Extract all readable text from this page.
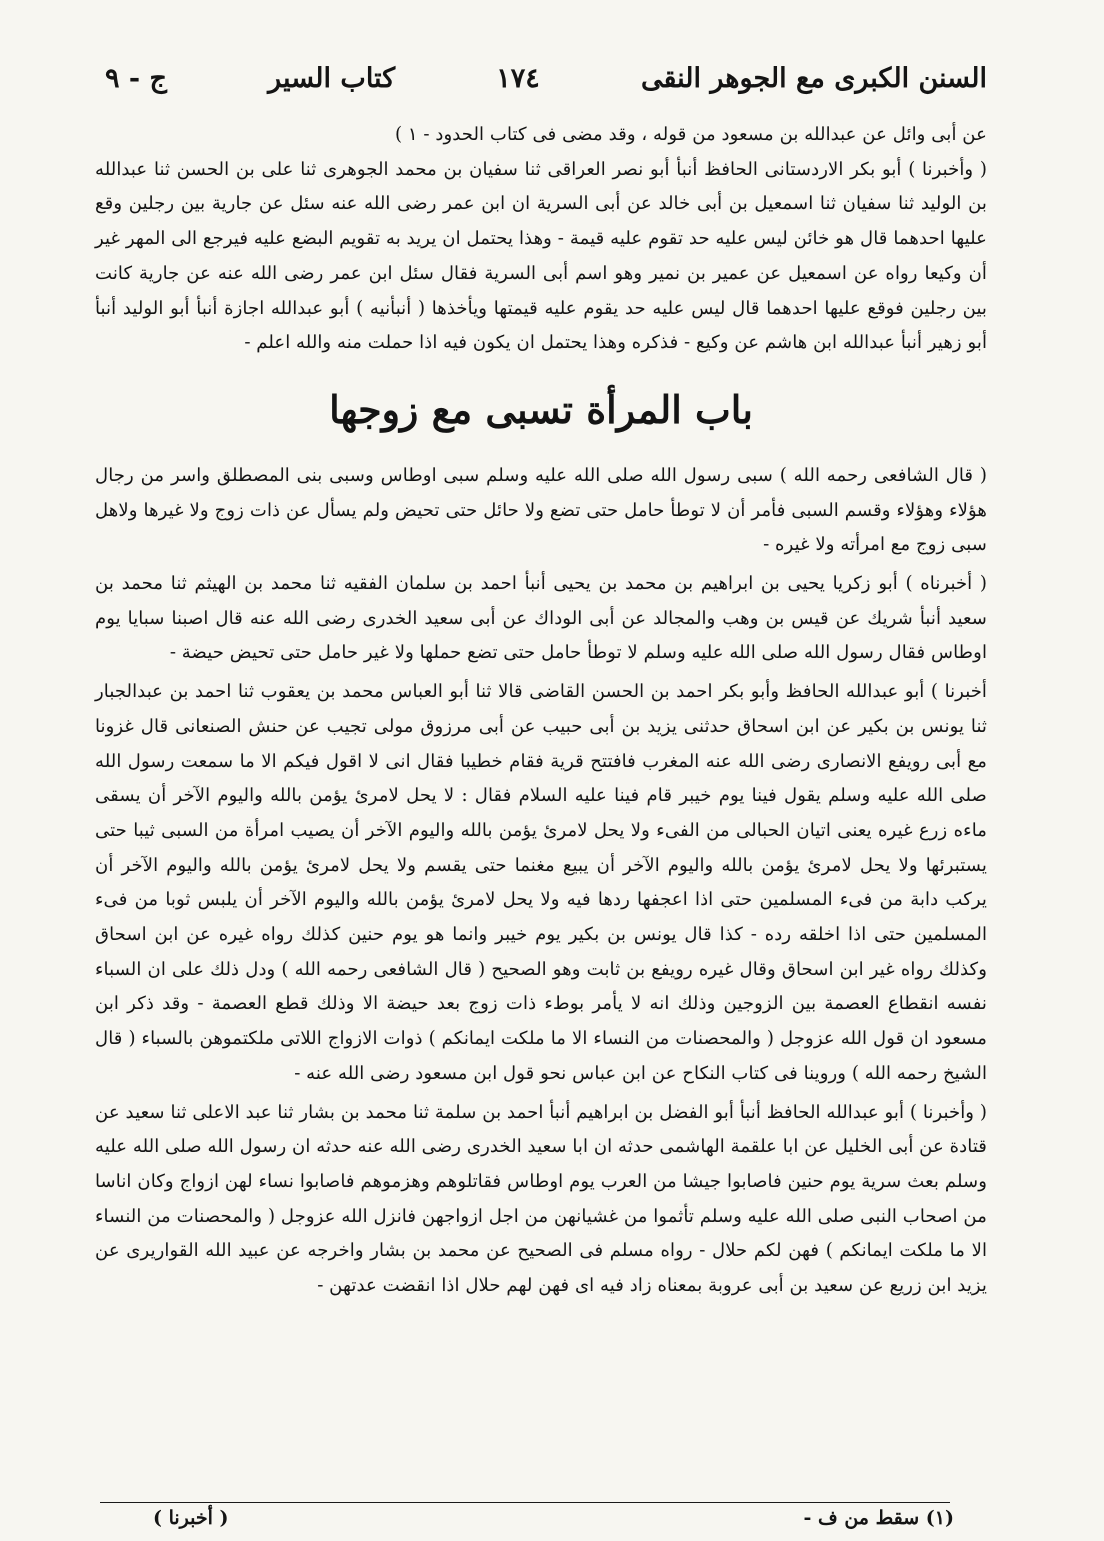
السنن الكبرى مع الجوهر النقى
١٧٤
كتاب السير
ج - ٩

عن أبى وائل عن عبدالله بن مسعود من قوله ، وقد مضى فى كتاب الحدود - ١ )

( وأخبرنا ) أبو بكر الاردستانى الحافظ أنبأ أبو نصر العراقى ثنا سفيان بن محمد الجوهرى ثنا على بن الحسن ثنا عبدالله بن الوليد ثنا سفيان ثنا اسمعيل بن أبى خالد عن أبى السرية ان ابن عمر رضى الله عنه سئل عن جارية بين رجلين وقع عليها احدهما قال هو خائن ليس عليه حد تقوم عليه قيمة - وهذا يحتمل ان يريد به تقويم البضع عليه فيرجع الى المهر غير أن وكيعا رواه عن اسمعيل عن عمير بن نمير وهو اسم أبى السرية فقال سئل ابن عمر رضى الله عنه عن جارية كانت بين رجلين فوقع عليها احدهما قال ليس عليه حد يقوم عليه قيمتها ويأخذها ( أنبأنيه ) أبو عبدالله اجازة أنبأ أبو الوليد أنبأ أبو زهير أنبأ عبدالله ابن هاشم عن وكيع - فذكره وهذا يحتمل ان يكون فيه اذا حملت منه والله اعلم -

باب المرأة تسبى مع زوجها

( قال الشافعى رحمه الله ) سبى رسول الله صلى الله عليه وسلم سبى اوطاس وسبى بنى المصطلق واسر من رجال هؤلاء وهؤلاء وقسم السبى فأمر أن لا توطأ حامل حتى تضع ولا حائل حتى تحيض ولم يسأل عن ذات زوج ولا غيرها ولاهل سبى زوج مع امرأته ولا غيره -

( أخبرناه ) أبو زكريا يحيى بن ابراهيم بن محمد بن يحيى أنبأ احمد بن سلمان الفقيه ثنا محمد بن الهيثم ثنا محمد بن سعيد أنبأ شريك عن قيس بن وهب والمجالد عن أبى الوداك عن أبى سعيد الخدرى رضى الله عنه قال اصبنا سبايا يوم اوطاس فقال رسول الله صلى الله عليه وسلم لا توطأ حامل حتى تضع حملها ولا غير حامل حتى تحيض حيضة -

أخبرنا ) أبو عبدالله الحافظ وأبو بكر احمد بن الحسن القاضى قالا ثنا أبو العباس محمد بن يعقوب ثنا احمد بن عبدالجبار ثنا يونس بن بكير عن ابن اسحاق حدثنى يزيد بن أبى حبيب عن أبى مرزوق مولى تجيب عن حنش الصنعانى قال غزونا مع أبى رويفع الانصارى رضى الله عنه المغرب فافتتح قرية فقام خطيبا فقال انى لا اقول فيكم الا ما سمعت رسول الله صلى الله عليه وسلم يقول فينا يوم خيبر قام فينا عليه السلام فقال : لا يحل لامرئ يؤمن بالله واليوم الآخر أن يسقى ماءه زرع غيره يعنى اتيان الحبالى من الفىء ولا يحل لامرئ يؤمن بالله واليوم الآخر أن يصيب امرأة من السبى ثيبا حتى يستبرئها ولا يحل لامرئ يؤمن بالله واليوم الآخر أن يبيع مغنما حتى يقسم ولا يحل لامرئ يؤمن بالله واليوم الآخر أن يركب دابة من فىء المسلمين حتى اذا اعجفها ردها فيه ولا يحل لامرئ يؤمن بالله واليوم الآخر أن يلبس ثوبا من فىء المسلمين حتى اذا اخلقه رده - كذا قال يونس بن بكير يوم خيبر وانما هو يوم حنين كذلك رواه غيره عن ابن اسحاق وكذلك رواه غير ابن اسحاق وقال غيره رويفع بن ثابت وهو الصحيح ( قال الشافعى رحمه الله ) ودل ذلك على ان السباء نفسه انقطاع العصمة بين الزوجين وذلك انه لا يأمر بوطء ذات زوج بعد حيضة الا وذلك قطع العصمة - وقد ذكر ابن مسعود ان قول الله عزوجل ( والمحصنات من النساء الا ما ملكت ايمانكم ) ذوات الازواج اللاتى ملكتموهن بالسباء ( قال الشيخ رحمه الله ) وروينا فى كتاب النكاح عن ابن عباس نحو قول ابن مسعود رضى الله عنه -

( وأخبرنا ) أبو عبدالله الحافظ أنبأ أبو الفضل بن ابراهيم أنبأ احمد بن سلمة ثنا محمد بن بشار ثنا عبد الاعلى ثنا سعيد عن قتادة عن أبى الخليل عن ابا علقمة الهاشمى حدثه ان ابا سعيد الخدرى رضى الله عنه حدثه ان رسول الله صلى الله عليه وسلم بعث سرية يوم حنين فاصابوا جيشا من العرب يوم اوطاس فقاتلوهم وهزموهم فاصابوا نساء لهن ازواج وكان اناسا من اصحاب النبى صلى الله عليه وسلم تأثموا من غشيانهن من اجل ازواجهن فانزل الله عزوجل ( والمحصنات من النساء الا ما ملكت ايمانكم ) فهن لكم حلال - رواه مسلم فى الصحيح عن محمد بن بشار واخرجه عن عبيد الله القواريرى عن يزيد ابن زريع عن سعيد بن أبى عروبة بمعناه زاد فيه اى فهن لهم حلال اذا انقضت عدتهن -

(١) سقط من ف -
( أخبرنا )
